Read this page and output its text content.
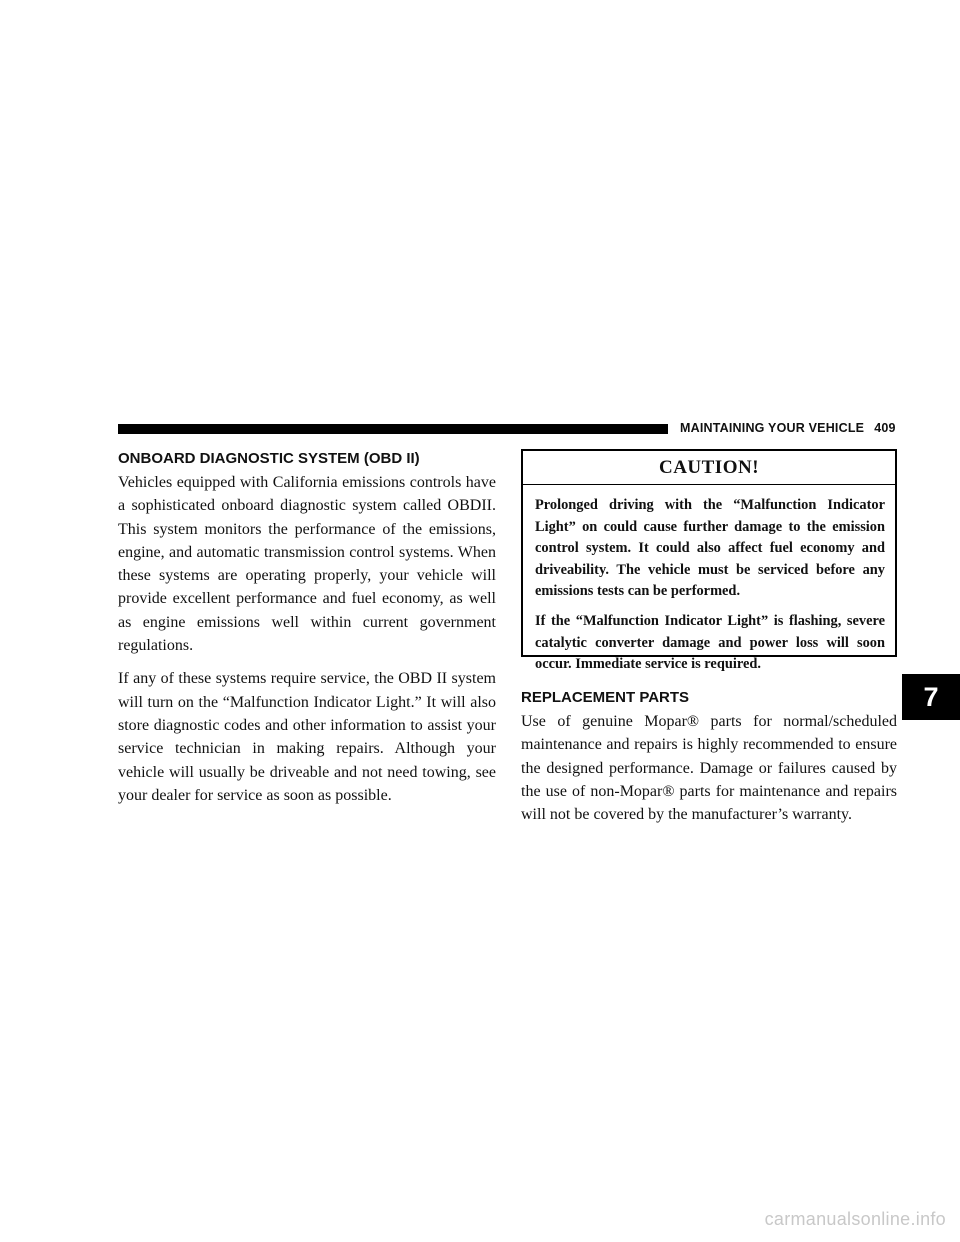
MAINTAINING YOUR VEHICLE 409
ONBOARD DIAGNOSTIC SYSTEM (OBD II)

Vehicles equipped with California emissions controls have a sophisticated onboard diagnostic system called OBDII. This system monitors the performance of the emissions, engine, and automatic transmission control systems. When these systems are operating properly, your vehicle will provide excellent performance and fuel economy, as well as engine emissions well within current government regulations.

If any of these systems require service, the OBD II system will turn on the “Malfunction Indicator Light.” It will also store diagnostic codes and other information to assist your service technician in making repairs. Although your vehicle will usually be driveable and not need towing, see your dealer for service as soon as possible.

CAUTION!

Prolonged driving with the “Malfunction Indicator Light” on could cause further damage to the emission control system. It could also affect fuel economy and driveability. The vehicle must be serviced before any emissions tests can be performed.

If the “Malfunction Indicator Light” is flashing, severe catalytic converter damage and power loss will soon occur. Immediate service is required.

REPLACEMENT PARTS

Use of genuine Mopar® parts for normal/scheduled maintenance and repairs is highly recommended to ensure the designed performance. Damage or failures caused by the use of non-Mopar® parts for maintenance and repairs will not be covered by the manufacturer’s warranty.

7
carmanualsonline.info
